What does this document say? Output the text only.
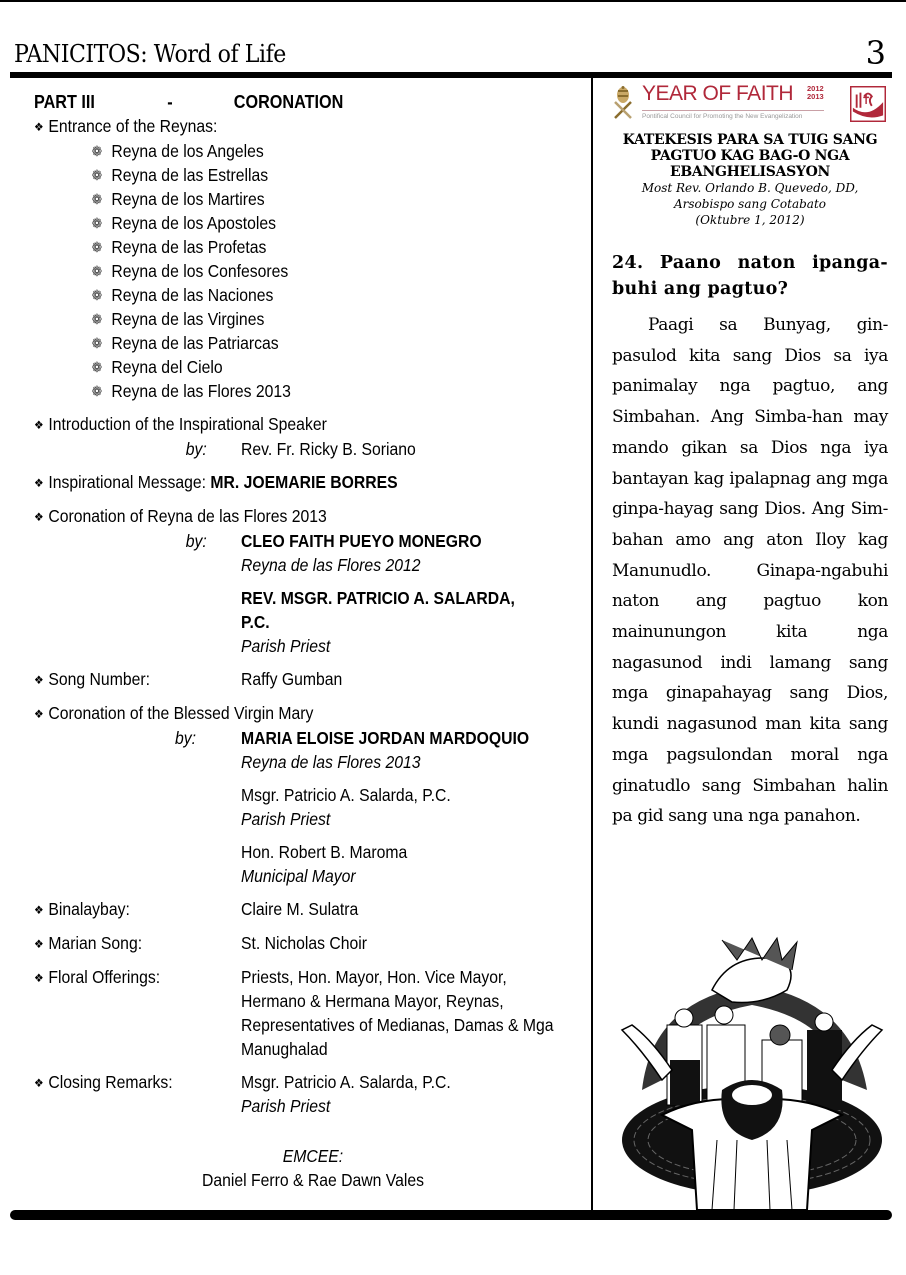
PANICITOS: Word of Life	3
PART III	-	CORONATION
❖ Entrance of the Reynas:
❁ Reyna de los Angeles
❁ Reyna de las Estrellas
❁ Reyna de los Martires
❁ Reyna de los Apostoles
❁ Reyna de las Profetas
❁ Reyna de los Confesores
❁ Reyna de las Naciones
❁ Reyna de las Virgines
❁ Reyna de las Patriarcas
❁ Reyna del Cielo
❁ Reyna de las Flores 2013
❖ Introduction of the Inspirational Speaker
by:	Rev. Fr. Ricky B. Soriano
❖ Inspirational Message: MR. JOEMARIE BORRES
❖ Coronation of Reyna de las Flores 2013
by:	CLEO FAITH PUEYO MONEGRO
Reyna de las Flores 2012
REV. MSGR. PATRICIO A. SALARDA, P.C.
Parish Priest
❖ Song Number:	Raffy Gumban
❖ Coronation of the Blessed Virgin Mary
by:	MARIA ELOISE JORDAN MARDOQUIO
Reyna de las Flores 2013
Msgr. Patricio A. Salarda, P.C.
Parish Priest
Hon. Robert B. Maroma
Municipal Mayor
❖ Binalaybay:	Claire M. Sulatra
❖ Marian Song:	St. Nicholas Choir
❖ Floral Offerings:	Priests, Hon. Mayor, Hon. Vice Mayor,
Hermano & Hermana Mayor, Reynas,
Representatives of Medianas, Damas & Mga
Manughalad
❖ Closing Remarks:	Msgr. Patricio A. Salarda, P.C.
Parish Priest
EMCEE:
Daniel Ferro & Rae Dawn Vales
YEAR OF FAITH 2012
2013
Pontifical Council for Promoting the New Evangelization
KATEKESIS PARA SA TUIG SANG PAGTUO KAG BAG-O NGA EBANGHELISASYON
Most Rev. Orlando B. Quevedo, DD,
Arsobispo sang Cotabato
(Oktubre 1, 2012)
24. Paano naton ipanga-buhi ang pagtuo?
Paagi sa Bunyag, gin-pasulod kita sang Dios sa iya panimalay nga pagtuo, ang Simbahan. Ang Simba-han may mando gikan sa Dios nga iya bantayan kag ipalapnag ang mga ginpa-hayag sang Dios. Ang Sim-bahan amo ang aton Iloy kag Manunudlo. Ginapa-ngabuhi naton ang pagtuo kon mainunungon kita nga nagasunod indi lamang sang mga ginapahayag sang Dios, kundi nagasunod man kita sang mga pagsulondan moral nga ginatudlo sang Simbahan halin pa gid sang una nga panahon.
